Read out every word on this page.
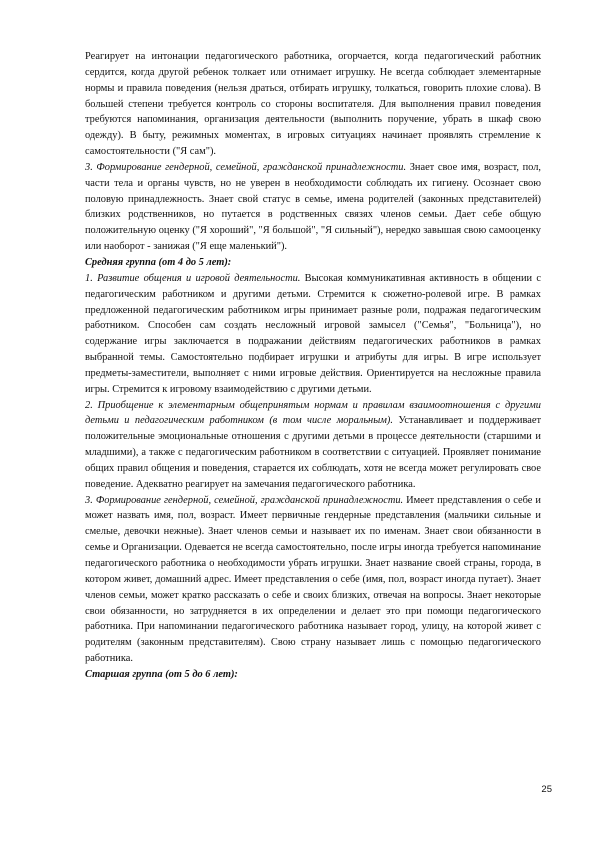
Реагирует на интонации педагогического работника, огорчается, когда педагогический работник сердится, когда другой ребенок толкает или отнимает игрушку. Не всегда соблюдает элементарные нормы и правила поведения (нельзя драться, отбирать игрушку, толкаться, говорить плохие слова). В большей степени требуется контроль со стороны воспитателя. Для выполнения правил поведения требуются напоминания, организация деятельности (выполнить поручение, убрать в шкаф свою одежду). В быту, режимных моментах, в игровых ситуациях начинает проявлять стремление к самостоятельности ("Я сам").

3. Формирование гендерной, семейной, гражданской принадлежности. Знает свое имя, возраст, пол, части тела и органы чувств, но не уверен в необходимости соблюдать их гигиену. Осознает свою половую принадлежность. Знает свой статус в семье, имена родителей (законных представителей) близких родственников, но путается в родственных связях членов семьи. Дает себе общую положительную оценку ("Я хороший", "Я большой", "Я сильный"), нередко завышая свою самооценку или наоборот - занижая ("Я еще маленький").

Средняя группа (от 4 до 5 лет):

1. Развитие общения и игровой деятельности. Высокая коммуникативная активность в общении с педагогическим работником и другими детьми. Стремится к сюжетно-ролевой игре. В рамках предложенной педагогическим работником игры принимает разные роли, подражая педагогическим работником. Способен сам создать несложный игровой замысел ("Семья", "Больница"), но содержание игры заключается в подражании действиям педагогических работников в рамках выбранной темы. Самостоятельно подбирает игрушки и атрибуты для игры. В игре использует предметы-заместители, выполняет с ними игровые действия. Ориентируется на несложные правила игры. Стремится к игровому взаимодействию с другими детьми.

2. Приобщение к элементарным общепринятым нормам и правилам взаимоотношения с другими детьми и педагогическим работником (в том числе моральным). Устанавливает и поддерживает положительные эмоциональные отношения с другими детьми в процессе деятельности (старшими и младшими), а также с педагогическим работником в соответствии с ситуацией. Проявляет понимание общих правил общения и поведения, старается их соблюдать, хотя не всегда может регулировать свое поведение. Адекватно реагирует на замечания педагогического работника.

3. Формирование гендерной, семейной, гражданской принадлежности. Имеет представления о себе и может назвать имя, пол, возраст. Имеет первичные гендерные представления (мальчики сильные и смелые, девочки нежные). Знает членов семьи и называет их по именам. Знает свои обязанности в семье и Организации. Одевается не всегда самостоятельно, после игры иногда требуется напоминание педагогического работника о необходимости убрать игрушки. Знает название своей страны, города, в котором живет, домашний адрес. Имеет представления о себе (имя, пол, возраст иногда путает). Знает членов семьи, может кратко рассказать о себе и своих близких, отвечая на вопросы. Знает некоторые свои обязанности, но затрудняется в их определении и делает это при помощи педагогического работника. При напоминании педагогического работника называет город, улицу, на которой живет с родителям (законным представителям). Свою страну называет лишь с помощью педагогического работника.

Старшая группа (от 5 до 6 лет):

25
